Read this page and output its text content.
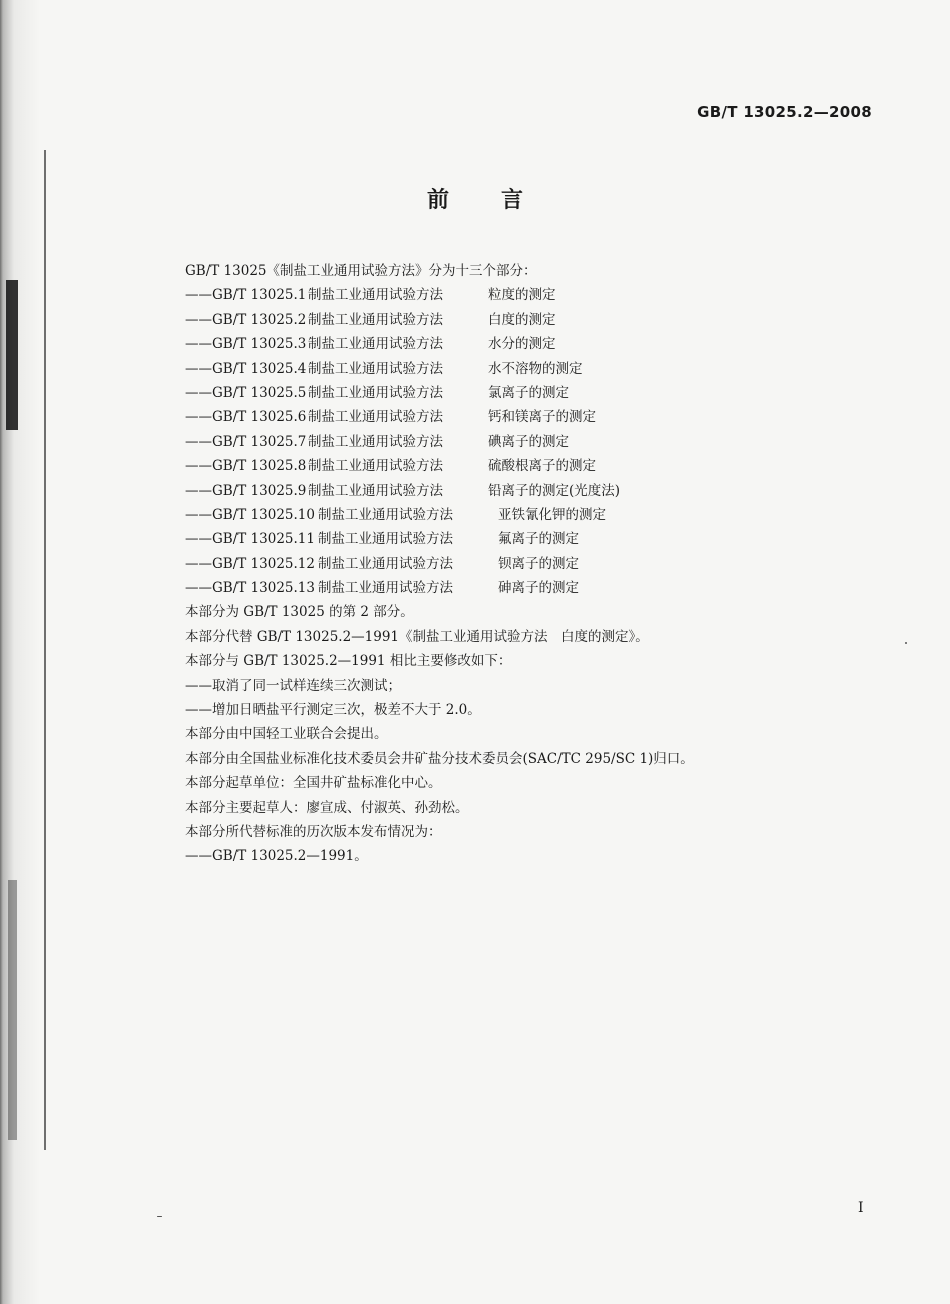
GB/T 13025.2—2008
前 言
GB/T 13025《制盐工业通用试验方法》分为十三个部分：
——GB/T 13025.1 制盐工业通用试验方法	粒度的测定
——GB/T 13025.2 制盐工业通用试验方法	白度的测定
——GB/T 13025.3 制盐工业通用试验方法	水分的测定
——GB/T 13025.4 制盐工业通用试验方法	水不溶物的测定
——GB/T 13025.5 制盐工业通用试验方法	氯离子的测定
——GB/T 13025.6 制盐工业通用试验方法	钙和镁离子的测定
——GB/T 13025.7 制盐工业通用试验方法	碘离子的测定
——GB/T 13025.8 制盐工业通用试验方法	硫酸根离子的测定
——GB/T 13025.9 制盐工业通用试验方法	铅离子的测定(光度法)
——GB/T 13025.10 制盐工业通用试验方法	亚铁氰化钾的测定
——GB/T 13025.11 制盐工业通用试验方法	氟离子的测定
——GB/T 13025.12 制盐工业通用试验方法	钡离子的测定
——GB/T 13025.13 制盐工业通用试验方法	砷离子的测定
本部分为 GB/T 13025 的第 2 部分。
本部分代替 GB/T 13025.2—1991《制盐工业通用试验方法　白度的测定》。
本部分与 GB/T 13025.2—1991 相比主要修改如下：
——取消了同一试样连续三次测试；
——增加日晒盐平行测定三次，极差不大于 2.0。
本部分由中国轻工业联合会提出。
本部分由全国盐业标准化技术委员会井矿盐分技术委员会(SAC/TC 295/SC 1)归口。
本部分起草单位：全国井矿盐标准化中心。
本部分主要起草人：廖宣成、付淑英、孙劲松。
本部分所代替标准的历次版本发布情况为：
——GB/T 13025.2—1991。
I
